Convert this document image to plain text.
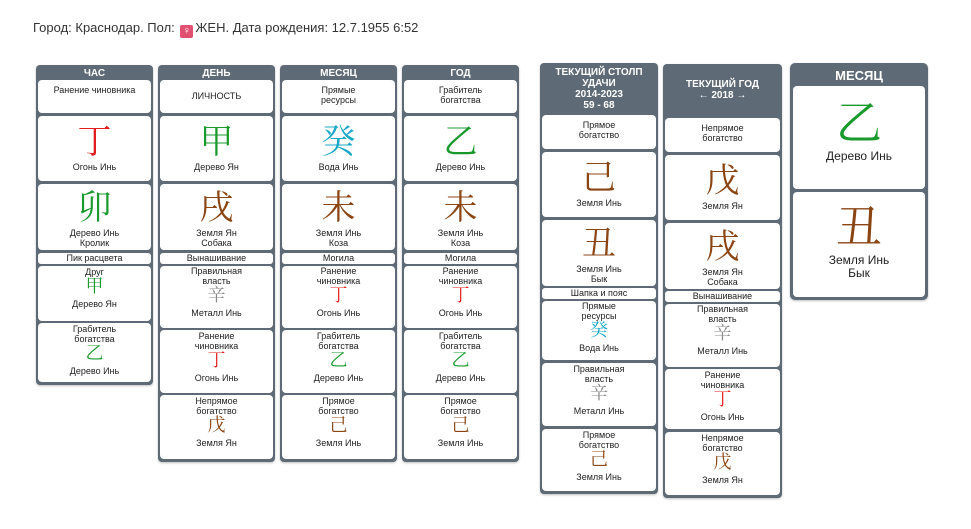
Город: Краснодар. Пол: ♀ ЖЕН. Дата рождения: 12.7.1955 6:52
ЧАС
Ранение чиновника
丁
Огонь Инь
卯
Дерево Инь
Кролик
Пик расцвета
Друг
甲
Дерево Ян
Грабитель богатства
乙
Дерево Инь
ДЕНЬ
ЛИЧНОСТЬ
甲
Дерево Ян
戌
Земля Ян
Собака
Вынашивание
Правильная власть
辛
Металл Инь
Ранение чиновника
丁
Огонь Инь
Непрямое богатство
戊
Земля Ян
МЕСЯЦ
Прямые ресурсы
癸
Вода Инь
未
Земля Инь
Коза
Могила
Ранение чиновника
丁
Огонь Инь
Грабитель богатства
乙
Дерево Инь
Прямое богатство
己
Земля Инь
ГОД
Грабитель богатства
乙
Дерево Инь
未
Земля Инь
Коза
Могила
Ранение чиновника
丁
Огонь Инь
Грабитель богатства
乙
Дерево Инь
Прямое богатство
己
Земля Инь
ТЕКУЩИЙ СТОЛП
УДАЧИ
2014-2023
59 - 68
Прямое богатство
己
Земля Инь
丑
Земля Инь
Бык
Шапка и пояс
Прямые ресурсы
癸
Вода Инь
Правильная власть
辛
Металл Инь
Прямое богатство
己
Земля Инь
ТЕКУЩИЙ ГОД
← 2018 →
Непрямое богатство
戊
Земля Ян
戌
Земля Ян
Собака
Вынашивание
Правильная власть
辛
Металл Инь
Ранение чиновника
丁
Огонь Инь
Непрямое богатство
戊
Земля Ян
МЕСЯЦ
乙
Дерево Инь
丑
Земля Инь
Бык
